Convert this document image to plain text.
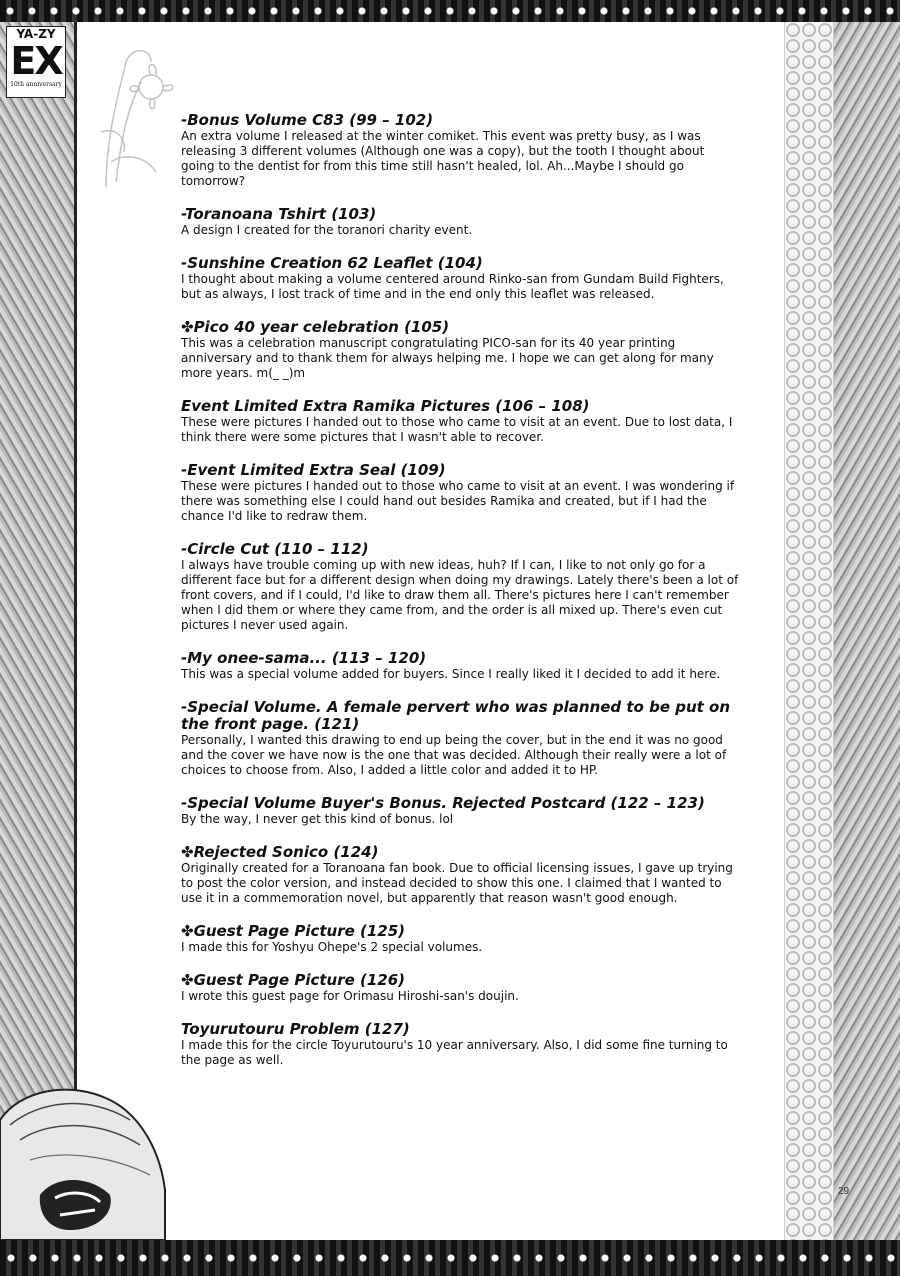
YA-ZY
EX
10th anniversary

-Bonus Volume C83 (99 – 102)

An extra volume I released at the winter comiket. This event was pretty busy, as I was releasing 3 different volumes (Although one was a copy), but the tooth I thought about going to the dentist for from this time still hasn't healed, lol. Ah...Maybe I should go tomorrow?

-Toranoana Tshirt (103)

A design I created for the toranori charity event.

-Sunshine Creation 62 Leaflet (104)

I thought about making a volume centered around Rinko-san from Gundam Build Fighters, but as always, I lost track of time and in the end only this leaflet was released.

✤Pico 40 year celebration (105)

This was a celebration manuscript congratulating PICO-san for its 40 year printing anniversary and to thank them for always helping me. I hope we can get along for many more years. m(_ _)m

Event Limited Extra Ramika Pictures (106 – 108)

These were pictures I handed out to those who came to visit at an event. Due to lost data, I think there were some pictures that I wasn't able to recover.

-Event Limited Extra Seal (109)

These were pictures I handed out to those who came to visit at an event. I was wondering if there was something else I could hand out besides Ramika and created, but if I had the chance I'd like to redraw them.

-Circle Cut (110 – 112)

I always have trouble coming up with new ideas, huh? If I can, I like to not only go for a different face but for a different design when doing my drawings. Lately there's been a lot of front covers, and if I could, I'd like to draw them all. There's pictures here I can't remember when I did them or where they came from, and the order is all mixed up. There's even cut pictures I never used again.

-My onee-sama... (113 – 120)

This was a special volume added for buyers. Since I really liked it I decided to add it here.

-Special Volume. A female pervert who was planned to be put on the front page. (121)

Personally, I wanted this drawing to end up being the cover, but in the end it was no good and the cover we have now is the one that was decided. Although their really were a lot of choices to choose from. Also, I added a little color and added it to HP.

-Special Volume Buyer's Bonus. Rejected Postcard (122 – 123)

By the way, I never get this kind of bonus. lol

✤Rejected Sonico (124)

Originally created for a Toranoana fan book. Due to official licensing issues, I gave up trying to post the color version, and instead decided to show this one. I claimed that I wanted to use it in a commemoration novel, but apparently that reason wasn't good enough.

✤Guest Page Picture (125)

I made this for Yoshyu Ohepe's 2 special volumes.

✤Guest Page Picture (126)

I wrote this guest page for Orimasu Hiroshi-san's doujin.

Toyurutouru Problem (127)

I made this for the circle Toyurutouru's 10 year anniversary. Also, I did some fine turning to the page as well.

29
